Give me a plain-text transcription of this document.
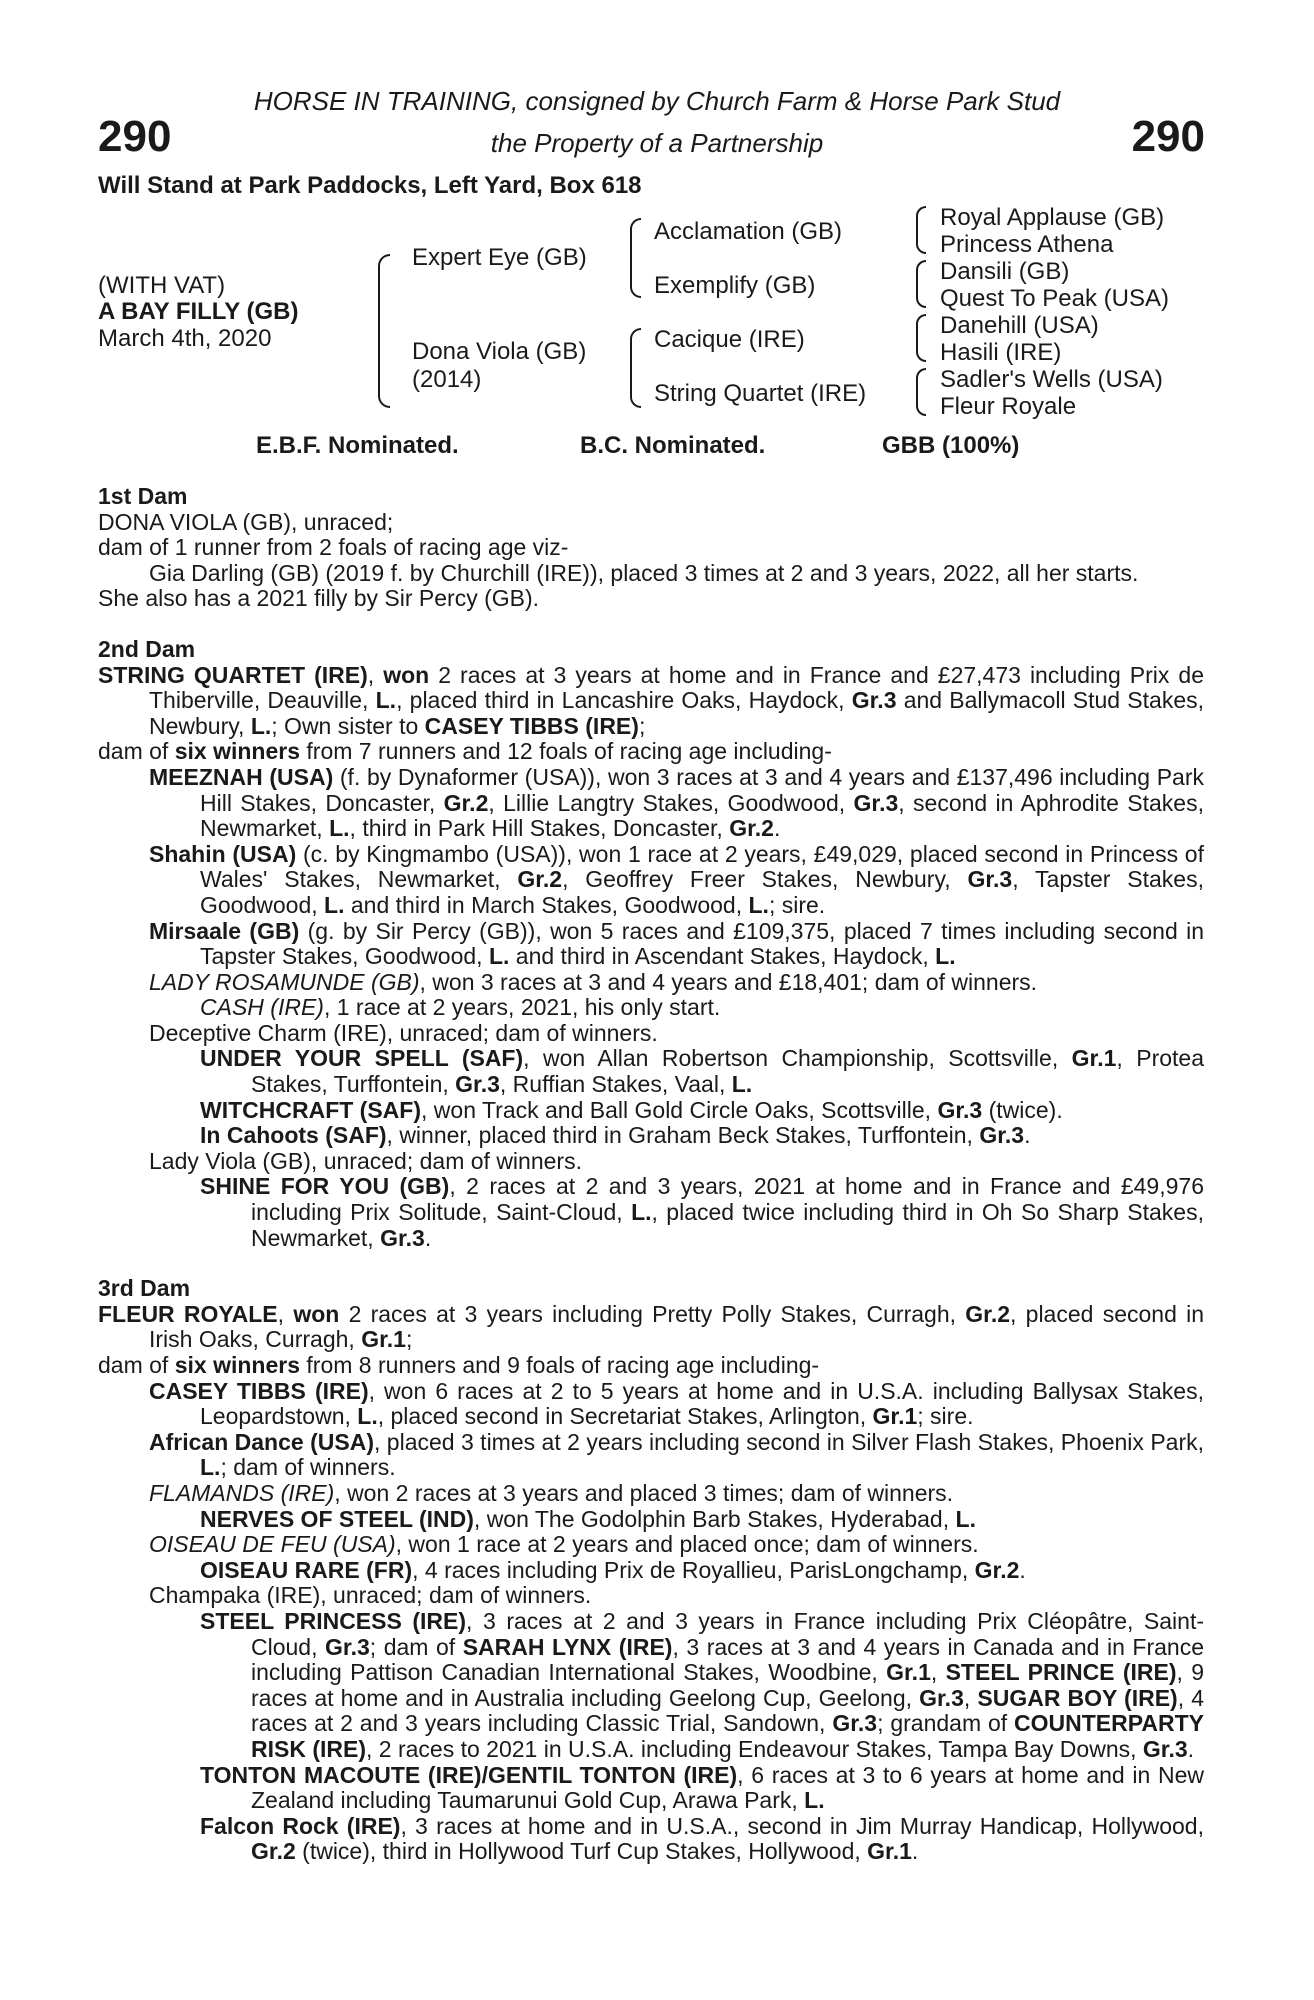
290	290
HORSE IN TRAINING, consigned by Church Farm & Horse Park Stud
the Property of a Partnership
Will Stand at Park Paddocks, Left Yard, Box 618
(WITH VAT)
A BAY FILLY (GB)
March 4th, 2020
Expert Eye (GB)
Dona Viola (GB)
(2014)
Acclamation (GB)
Exemplify (GB)
Cacique (IRE)
String Quartet (IRE)
Royal Applause (GB)
Princess Athena
Dansili (GB)
Quest To Peak (USA)
Danehill (USA)
Hasili (IRE)
Sadler's Wells (USA)
Fleur Royale
E.B.F. Nominated.	B.C. Nominated.	GBB (100%)

1st Dam

DONA VIOLA (GB), unraced;

dam of 1 runner from 2 foals of racing age viz-

Gia Darling (GB) (2019 f. by Churchill (IRE)), placed 3 times at 2 and 3 years, 2022, all her starts.

She also has a 2021 filly by Sir Percy (GB).

2nd Dam

STRING QUARTET (IRE), won 2 races at 3 years at home and in France and £27,473 including Prix de Thiberville, Deauville, L., placed third in Lancashire Oaks, Haydock, Gr.3 and Ballymacoll Stud Stakes, Newbury, L.; Own sister to CASEY TIBBS (IRE);

dam of six winners from 7 runners and 12 foals of racing age including-

MEEZNAH (USA) (f. by Dynaformer (USA)), won 3 races at 3 and 4 years and £137,496 including Park Hill Stakes, Doncaster, Gr.2, Lillie Langtry Stakes, Goodwood, Gr.3, second in Aphrodite Stakes, Newmarket, L., third in Park Hill Stakes, Doncaster, Gr.2.

Shahin (USA) (c. by Kingmambo (USA)), won 1 race at 2 years, £49,029, placed second in Princess of Wales' Stakes, Newmarket, Gr.2, Geoffrey Freer Stakes, Newbury, Gr.3, Tapster Stakes, Goodwood, L. and third in March Stakes, Goodwood, L.; sire.

Mirsaale (GB) (g. by Sir Percy (GB)), won 5 races and £109,375, placed 7 times including second in Tapster Stakes, Goodwood, L. and third in Ascendant Stakes, Haydock, L.

LADY ROSAMUNDE (GB), won 3 races at 3 and 4 years and £18,401; dam of winners.

CASH (IRE), 1 race at 2 years, 2021, his only start.

Deceptive Charm (IRE), unraced; dam of winners.

UNDER YOUR SPELL (SAF), won Allan Robertson Championship, Scottsville, Gr.1, Protea Stakes, Turffontein, Gr.3, Ruffian Stakes, Vaal, L.

WITCHCRAFT (SAF), won Track and Ball Gold Circle Oaks, Scottsville, Gr.3 (twice).

In Cahoots (SAF), winner, placed third in Graham Beck Stakes, Turffontein, Gr.3.

Lady Viola (GB), unraced; dam of winners.

SHINE FOR YOU (GB), 2 races at 2 and 3 years, 2021 at home and in France and £49,976 including Prix Solitude, Saint-Cloud, L., placed twice including third in Oh So Sharp Stakes, Newmarket, Gr.3.

3rd Dam

FLEUR ROYALE, won 2 races at 3 years including Pretty Polly Stakes, Curragh, Gr.2, placed second in Irish Oaks, Curragh, Gr.1;

dam of six winners from 8 runners and 9 foals of racing age including-

CASEY TIBBS (IRE), won 6 races at 2 to 5 years at home and in U.S.A. including Ballysax Stakes, Leopardstown, L., placed second in Secretariat Stakes, Arlington, Gr.1; sire.

African Dance (USA), placed 3 times at 2 years including second in Silver Flash Stakes, Phoenix Park, L.; dam of winners.

FLAMANDS (IRE), won 2 races at 3 years and placed 3 times; dam of winners.

NERVES OF STEEL (IND), won The Godolphin Barb Stakes, Hyderabad, L.

OISEAU DE FEU (USA), won 1 race at 2 years and placed once; dam of winners.

OISEAU RARE (FR), 4 races including Prix de Royallieu, ParisLongchamp, Gr.2.

Champaka (IRE), unraced; dam of winners.

STEEL PRINCESS (IRE), 3 races at 2 and 3 years in France including Prix Cléopâtre, Saint-Cloud, Gr.3; dam of SARAH LYNX (IRE), 3 races at 3 and 4 years in Canada and in France including Pattison Canadian International Stakes, Woodbine, Gr.1, STEEL PRINCE (IRE), 9 races at home and in Australia including Geelong Cup, Geelong, Gr.3, SUGAR BOY (IRE), 4 races at 2 and 3 years including Classic Trial, Sandown, Gr.3; grandam of COUNTERPARTY RISK (IRE), 2 races to 2021 in U.S.A. including Endeavour Stakes, Tampa Bay Downs, Gr.3.

TONTON MACOUTE (IRE)/GENTIL TONTON (IRE), 6 races at 3 to 6 years at home and in New Zealand including Taumarunui Gold Cup, Arawa Park, L.

Falcon Rock (IRE), 3 races at home and in U.S.A., second in Jim Murray Handicap, Hollywood, Gr.2 (twice), third in Hollywood Turf Cup Stakes, Hollywood, Gr.1.
